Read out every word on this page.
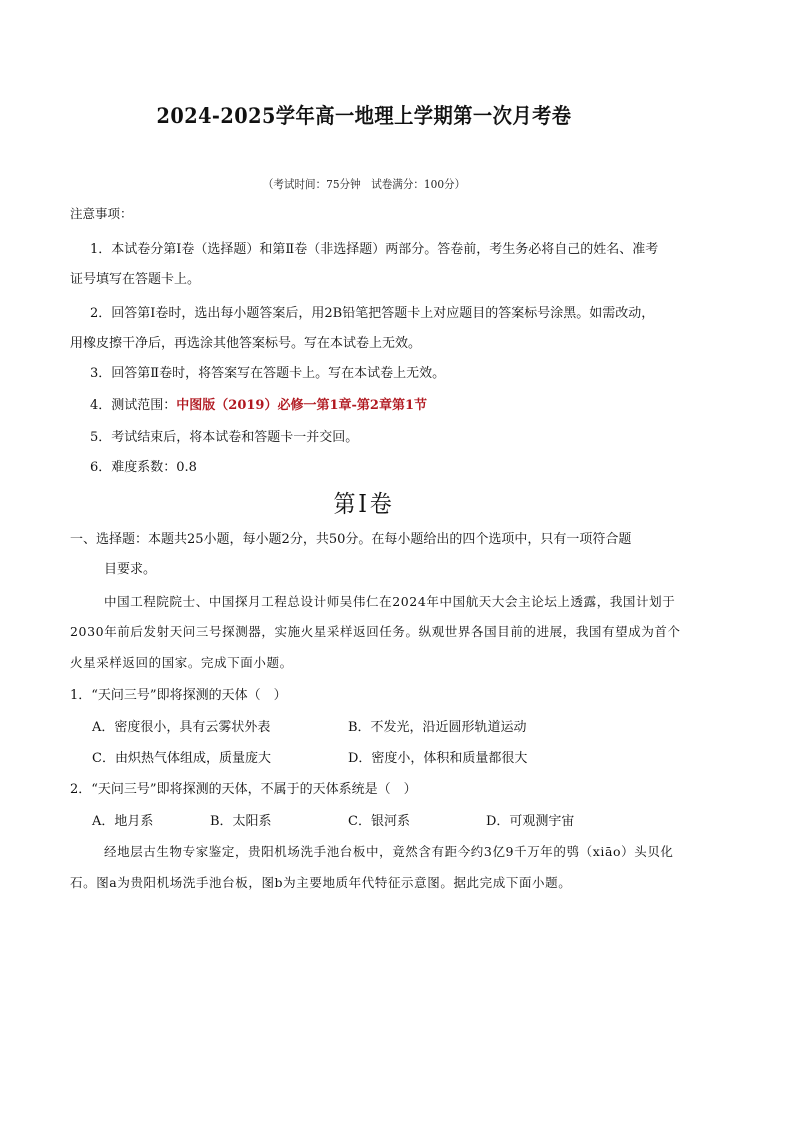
2024-2025学年高一地理上学期第一次月考卷
（考试时间：75分钟　试卷满分：100分）
注意事项：
1．本试卷分第Ⅰ卷（选择题）和第Ⅱ卷（非选择题）两部分。答卷前，考生务必将自己的姓名、准考
证号填写在答题卡上。
2．回答第Ⅰ卷时，选出每小题答案后，用2B铅笔把答题卡上对应题目的答案标号涂黑。如需改动，
用橡皮擦干净后，再选涂其他答案标号。写在本试卷上无效。
3．回答第Ⅱ卷时，将答案写在答题卡上。写在本试卷上无效。
4．测试范围：中图版（2019）必修一第1章-第2章第1节
5．考试结束后，将本试卷和答题卡一并交回。
6．难度系数：0.8
第Ⅰ卷
一、选择题：本题共25小题，每小题2分，共50分。在每小题给出的四个选项中，只有一项符合题
目要求。
中国工程院院士、中国探月工程总设计师吴伟仁在2024年中国航天大会主论坛上透露，我国计划于
2030年前后发射天问三号探测器，实施火星采样返回任务。纵观世界各国目前的进展，我国有望成为首个
火星采样返回的国家。完成下面小题。
1．“天问三号”即将探测的天体（　）
A．密度很小，具有云雾状外表	B．不发光，沿近圆形轨道运动
C．由炽热气体组成，质量庞大	D．密度小，体积和质量都很大
2．“天问三号”即将探测的天体，不属于的天体系统是（　）
A．地月系	B．太阳系	C．银河系	D．可观测宇宙
经地层古生物专家鉴定，贵阳机场洗手池台板中，竟然含有距今约3亿9千万年的鸮（xiāo）头贝化
石。图a为贵阳机场洗手池台板，图b为主要地质年代特征示意图。据此完成下面小题。
